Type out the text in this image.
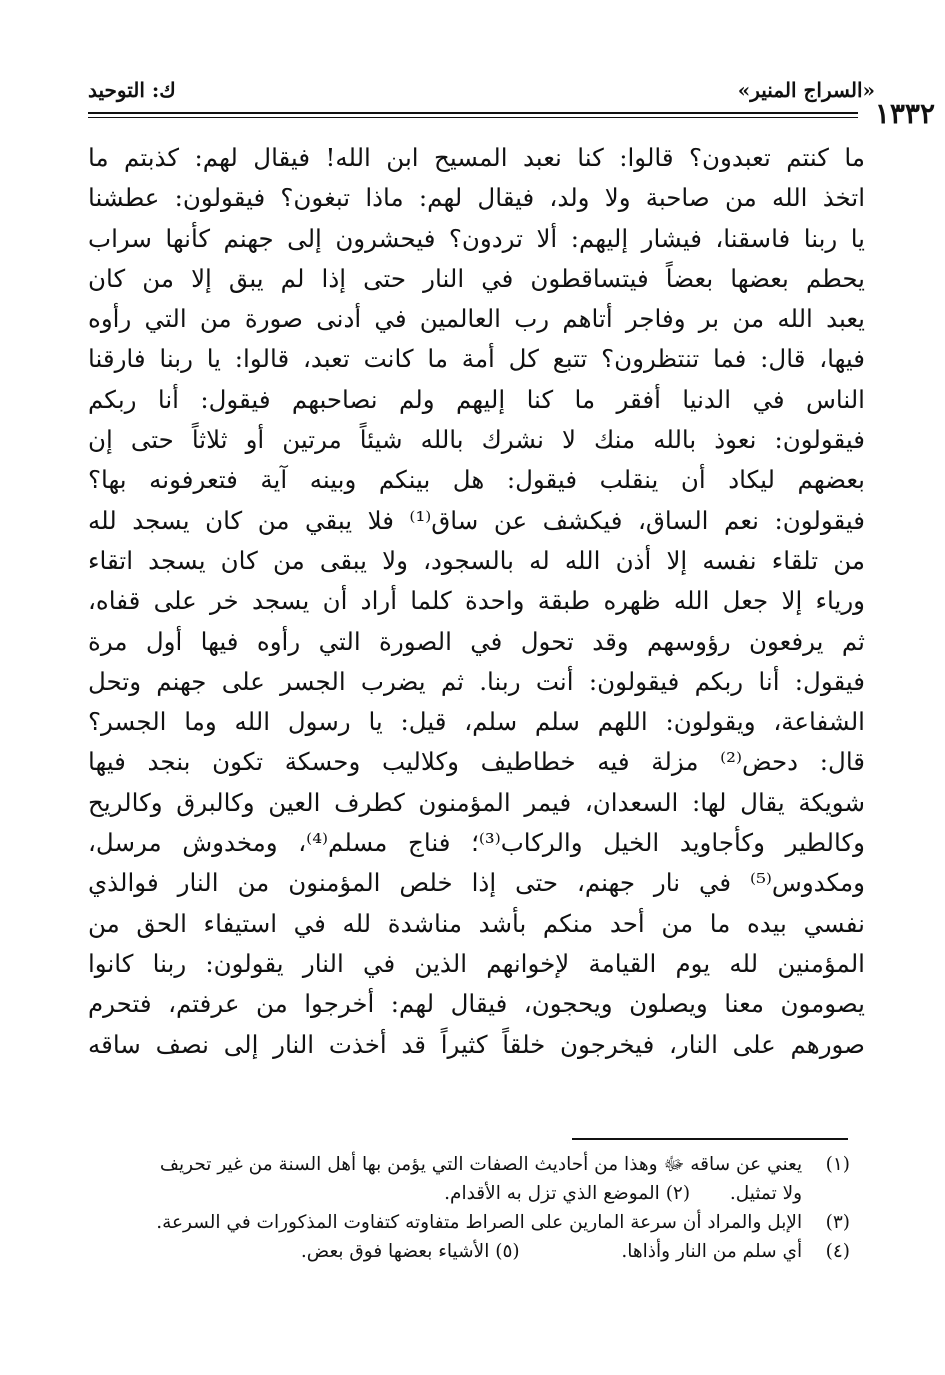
ك: التوحيد	«السراج المنير»
١٣٣٢
ما كنتم تعبدون؟ قالوا: كنا نعبد المسيح ابن الله! فيقال لهم: كذبتم ما
اتخذ الله من صاحبة ولا ولد، فيقال لهم: ماذا تبغون؟ فيقولون: عطشنا
يا ربنا فاسقنا، فيشار إليهم: ألا تردون؟ فيحشرون إلى جهنم كأنها سراب
يحطم بعضها بعضاً فيتساقطون في النار حتى إذا لم يبق إلا من كان
يعبد الله من بر وفاجر أتاهم رب العالمين في أدنى صورة من التي رأوه
فيها، قال: فما تنتظرون؟ تتبع كل أمة ما كانت تعبد، قالوا: يا ربنا فارقنا
الناس في الدنيا أفقر ما كنا إليهم ولم نصاحبهم فيقول: أنا ربكم
فيقولون: نعوذ بالله منك لا نشرك بالله شيئاً مرتين أو ثلاثاً حتى إن
بعضهم ليكاد أن ينقلب فيقول: هل بينكم وبينه آية فتعرفونه بها؟
فيقولون: نعم الساق، فيكشف عن ساق⁽¹⁾ فلا يبقي من كان يسجد لله
من تلقاء نفسه إلا أذن الله له بالسجود، ولا يبقى من كان يسجد اتقاء
ورياء إلا جعل الله ظهره طبقة واحدة كلما أراد أن يسجد خر على قفاه،
ثم يرفعون رؤوسهم وقد تحول في الصورة التي رأوه فيها أول مرة
فيقول: أنا ربكم فيقولون: أنت ربنا. ثم يضرب الجسر على جهنم وتحل
الشفاعة، ويقولون: اللهم سلم سلم، قيل: يا رسول الله وما الجسر؟
قال: دحض⁽²⁾ مزلة فيه خطاطيف وكلاليب وحسكة تكون بنجد فيها
شويكة يقال لها: السعدان، فيمر المؤمنون كطرف العين وكالبرق وكالريح
وكالطير وكأجاويد الخيل والركاب⁽³⁾؛ فناج مسلم⁽⁴⁾، ومخدوش مرسل،
ومكدوس⁽⁵⁾ في نار جهنم، حتى إذا خلص المؤمنون من النار فوالذي
نفسي بيده ما من أحد منكم بأشد مناشدة لله في استيفاء الحق من
المؤمنين لله يوم القيامة لإخوانهم الذين في النار يقولون: ربنا كانوا
يصومون معنا ويصلون ويحجون، فيقال لهم: أخرجوا من عرفتم، فتحرم
صورهم على النار، فيخرجون خلقاً كثيراً قد أخذت النار إلى نصف ساقه
(١) يعني عن ساقه ﷻ وهذا من أحاديث الصفات التي يؤمن بها أهل السنة من غير تحريف
ولا تمثيل.  (٢) الموضع الذي تزل به الأقدام.
(٣) الإبل والمراد أن سرعة المارين على الصراط متفاوته كتفاوت المذكورات في السرعة.
(٤) أي سلم من النار وأذاها.  (٥) الأشياء بعضها فوق بعض.
